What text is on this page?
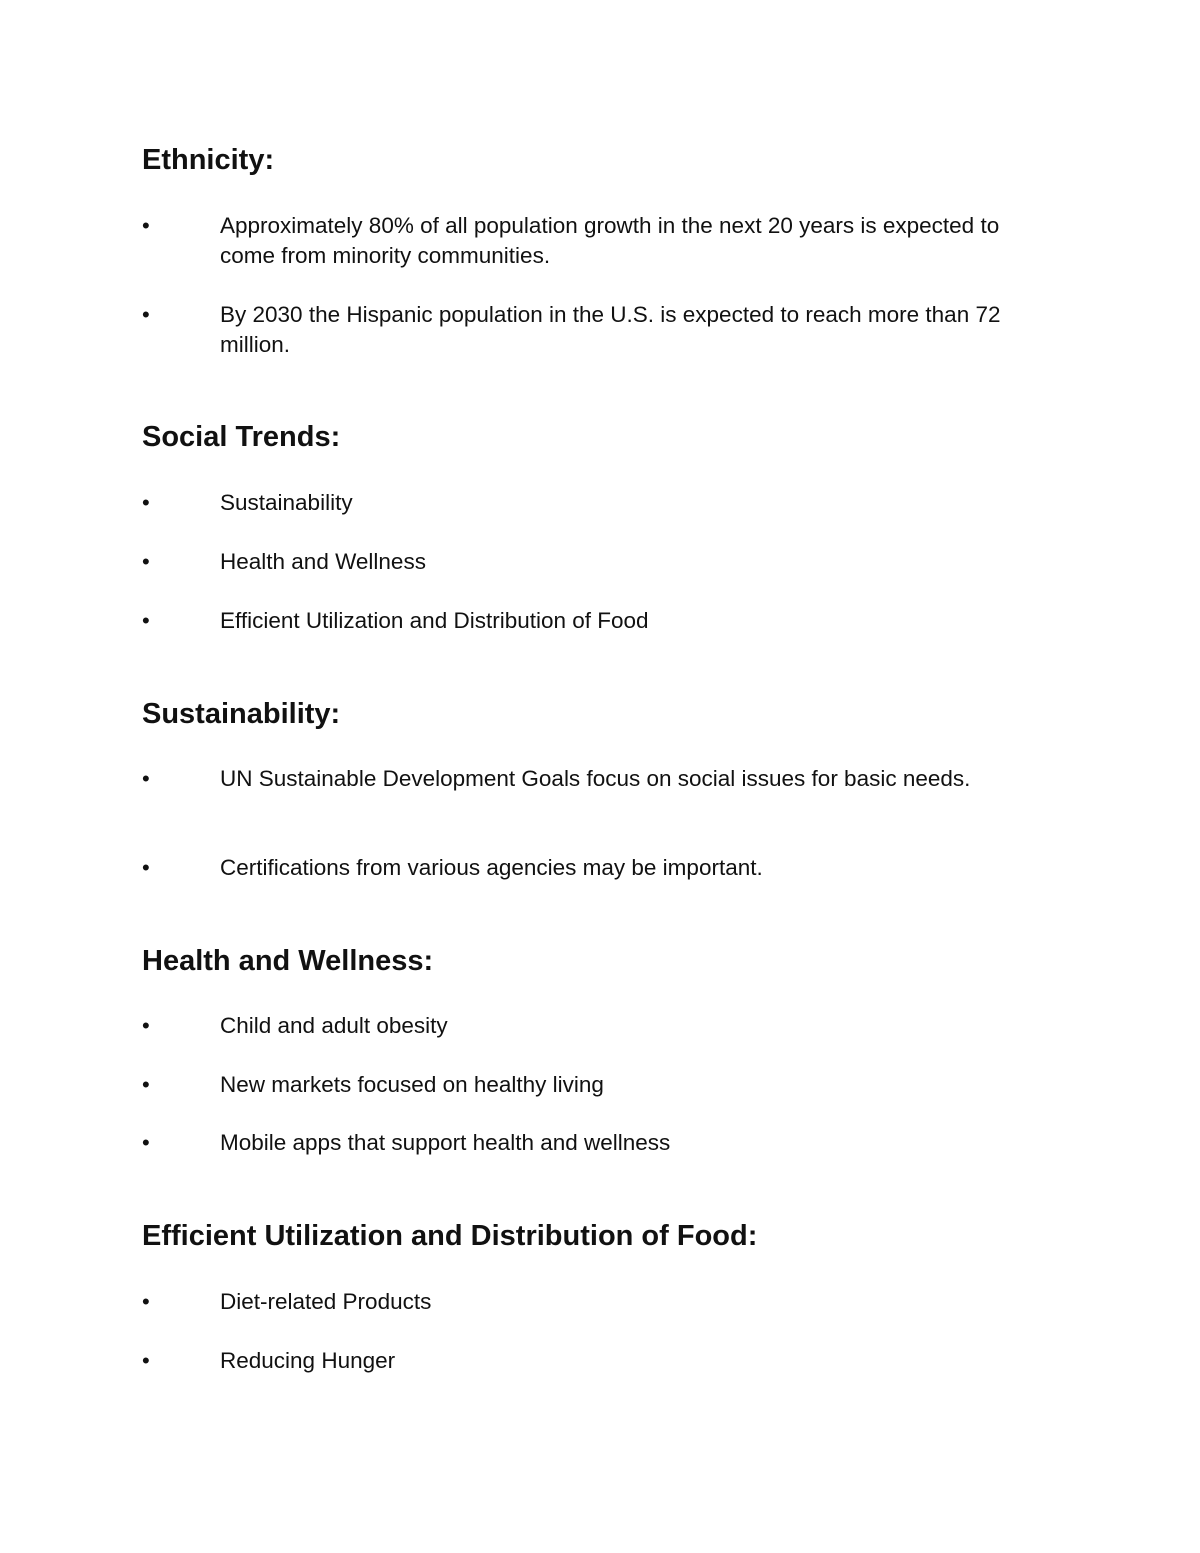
Ethnicity:
•	Approximately 80% of all population growth in the next 20 years is expected to come from minority communities.
•	By 2030 the Hispanic population in the U.S. is expected to reach more than 72 million.
Social Trends:
•	Sustainability
•	Health and Wellness
•	Efficient Utilization and Distribution of Food
Sustainability:
•	UN Sustainable Development Goals focus on social issues for basic needs.
•	Certifications from various agencies may be important.
Health and Wellness:
•	Child and adult obesity
•	New markets focused on healthy living
•	Mobile apps that support health and wellness
Efficient Utilization and Distribution of Food:
•	Diet-related Products
•	Reducing Hunger
